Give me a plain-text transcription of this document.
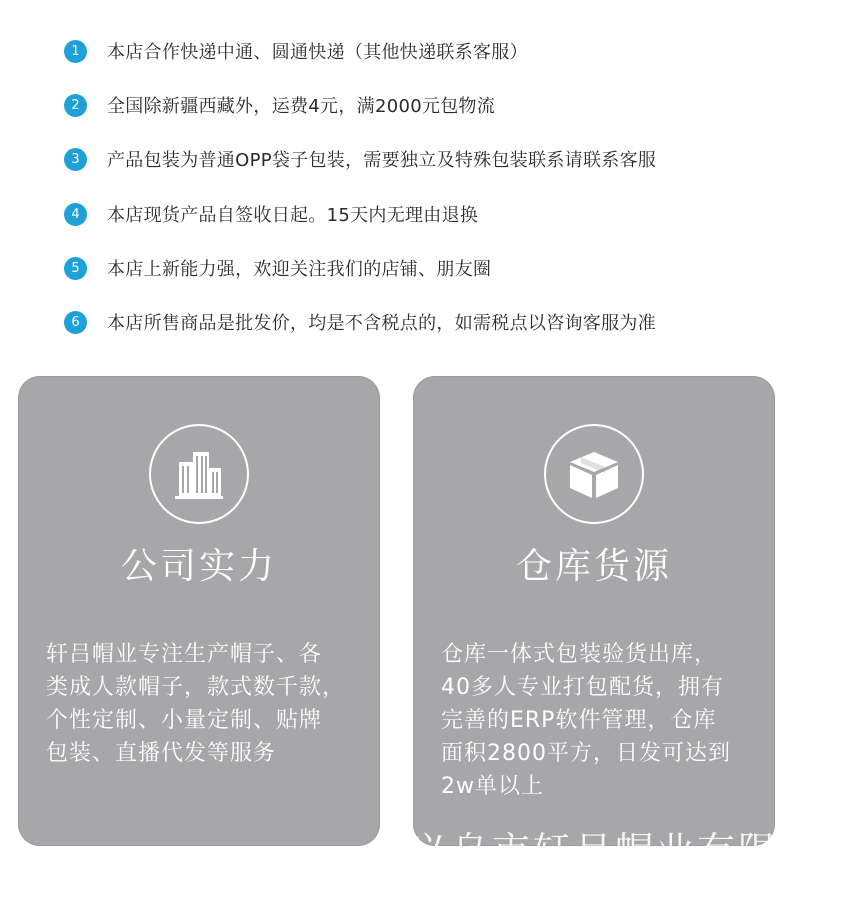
1	本店合作快递中通、圆通快递（其他快递联系客服）
2	全国除新疆西藏外，运费4元，满2000元包物流
3	产品包装为普通OPP袋子包装，需要独立及特殊包装联系请联系客服
4	本店现货产品自签收日起。15天内无理由退换
5	本店上新能力强，欢迎关注我们的店铺、朋友圈
6	本店所售商品是批发价，均是不含税点的，如需税点以咨询客服为准
公司实力
轩吕帽业专注生产帽子、各
类成人款帽子，款式数千款，
个性定制、小量定制、贴牌
包装、直播代发等服务
仓库货源
仓库一体式包装验货出库，
40多人专业打包配货，拥有
完善的ERP软件管理，仓库
面积2800平方，日发可达到
2w单以上
义乌市轩吕帽业有限公司
